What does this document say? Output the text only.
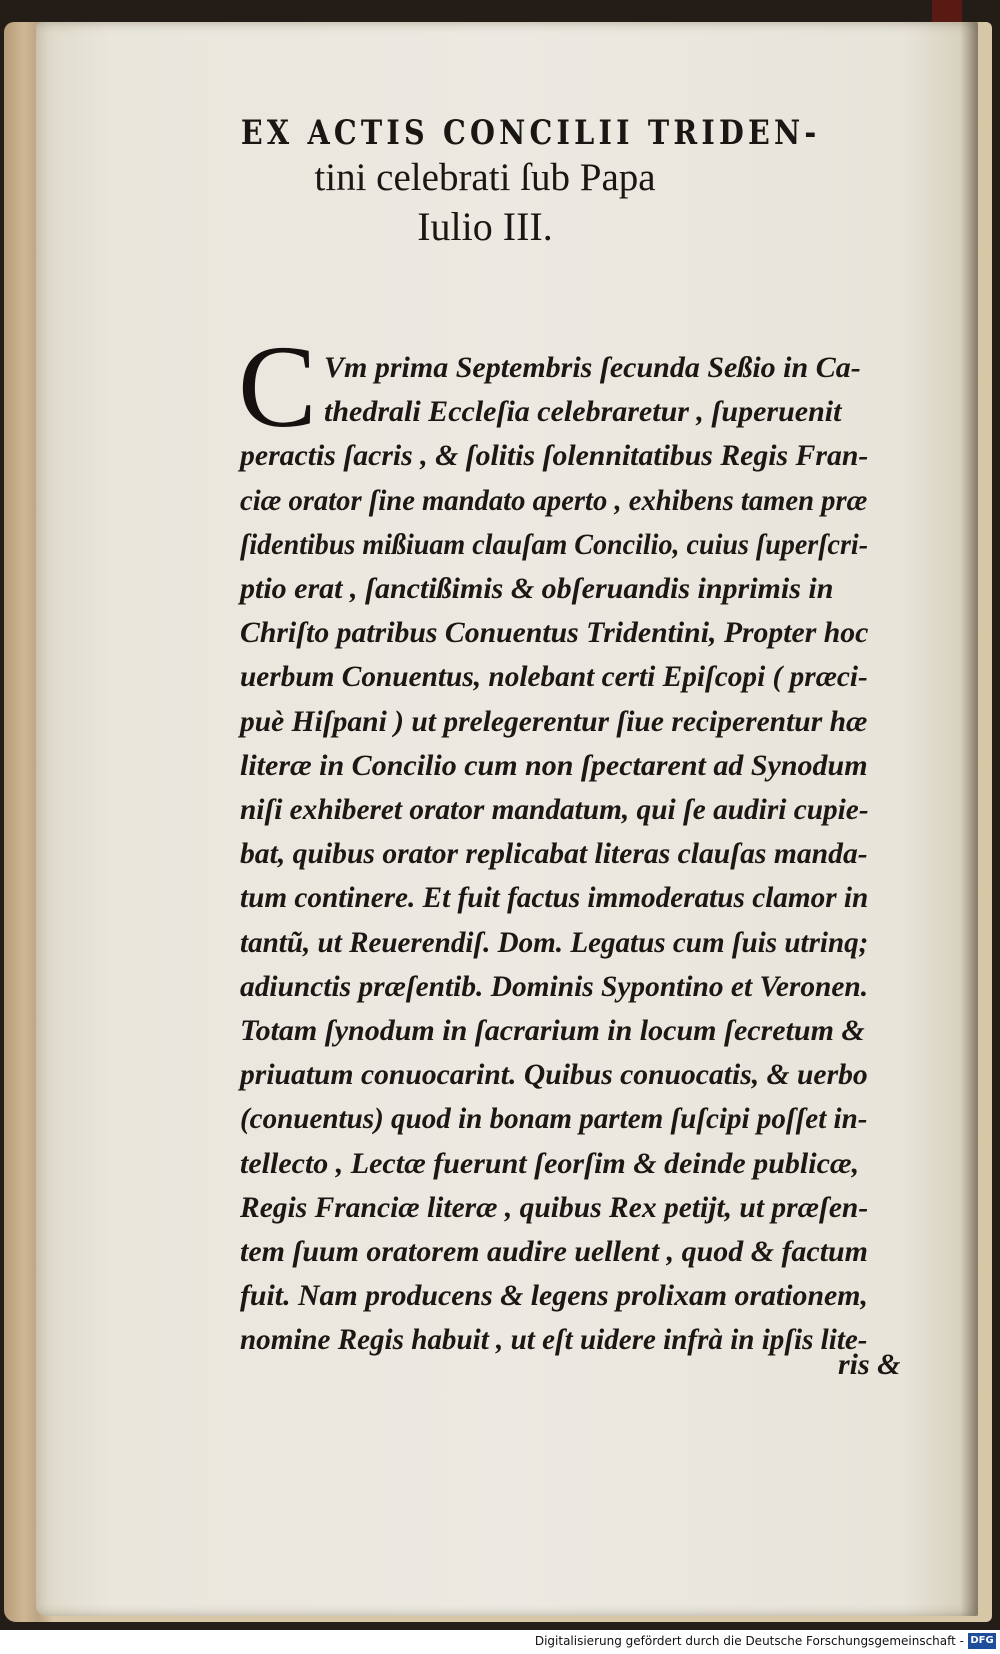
EX ACTIS CONCILII TRIDEN-
tini celebrati ſub Papa
Iulio III.
C Vm prima Septembris ſecunda Seßio in Ca-
thedrali Eccleſia celebraretur , ſuperuenit
peractis ſacris , & ſolitis ſolennitatibus Regis Fran-
ciæ orator ſine mandato aperto , exhibens tamen præ
ſidentibus mißiuam clauſam Concilio, cuius ſuperſcri-
ptio erat , ſanctißimis & obſeruandis inprimis in
Chriſto patribus Conuentus Tridentini, Propter hoc
uerbum Conuentus, nolebant certi Epiſcopi ( præci-
puè Hiſpani ) ut prelegerentur ſiue reciperentur hæ
literæ in Concilio cum non ſpectarent ad Synodum
niſi exhiberet orator mandatum, qui ſe audiri cupie-
bat, quibus orator replicabat literas clauſas manda-
tum continere. Et fuit factus immoderatus clamor in
tantũ, ut Reuerendiſ. Dom. Legatus cum ſuis utrinq;
adiunctis præſentib. Dominis Sypontino et Veronen.
Totam ſynodum in ſacrarium in locum ſecretum &
priuatum conuocarint. Quibus conuocatis, & uerbo
(conuentus) quod in bonam partem ſuſcipi poſſet in-
tellecto , Lectæ fuerunt ſeorſim & deinde publicæ,
Regis Franciæ literæ , quibus Rex petijt, ut præſen-
tem ſuum oratorem audire uellent , quod & factum
fuit. Nam producens & legens prolixam orationem,
nomine Regis habuit , ut eſt uidere infrà in ipſis lite-
ris &
Digitalisierung gefördert durch die Deutsche Forschungsgemeinschaft - DFG
